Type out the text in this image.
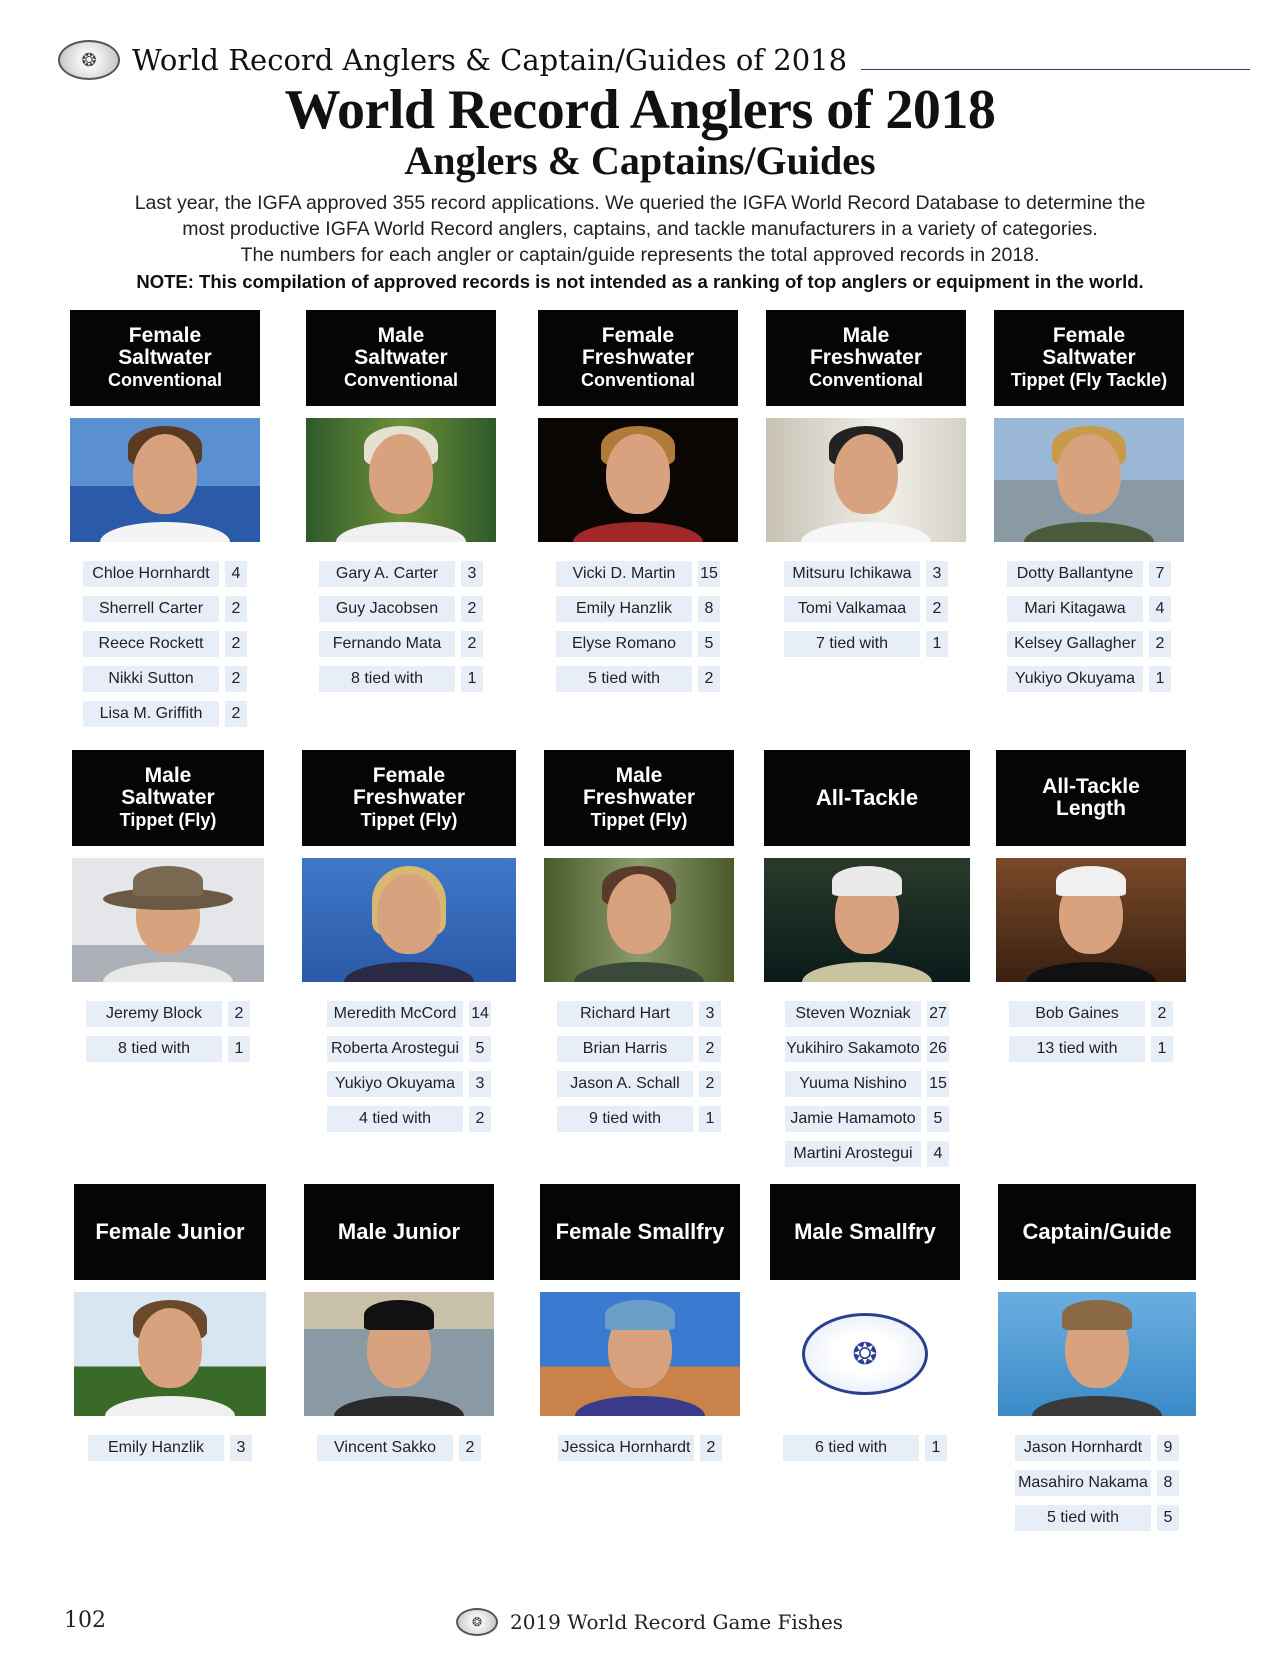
❂	World Record Anglers & Captain/Guides of 2018
World Record Anglers of 2018
Anglers & Captains/Guides

Last year, the IGFA approved 355 record applications. We queried the IGFA World Record Database to determine the

most productive IGFA World Record anglers, captains, and tackle manufacturers in a variety of categories.

The numbers for each angler or captain/guide represents the total approved records in 2018.

NOTE: This compilation of approved records is not intended as a ranking of top anglers or equipment in the world.

Female
Saltwater
Conventional
Chloe Hornhardt	4
Sherrell Carter	2
Reece Rockett	2
Nikki Sutton	2
Lisa M. Griffith	2
Male
Saltwater
Conventional
Gary A. Carter	3
Guy Jacobsen	2
Fernando Mata	2
8 tied with	1
Female
Freshwater
Conventional
Vicki D. Martin	15
Emily Hanzlik	8
Elyse Romano	5
5 tied with	2
Male
Freshwater
Conventional
Mitsuru Ichikawa	3
Tomi Valkamaa	2
7 tied with	1
Female
Saltwater
Tippet (Fly Tackle)
Dotty Ballantyne	7
Mari Kitagawa	4
Kelsey Gallagher	2
Yukiyo Okuyama	1
Male
Saltwater
Tippet (Fly)
Jeremy Block	2
8 tied with	1
Female
Freshwater
Tippet (Fly)
Meredith McCord 14
Roberta Arostegui	5
Yukiyo Okuyama	3
4 tied with	2
Male
Freshwater
Tippet (Fly)
Richard Hart	3
Brian Harris	2
Jason A. Schall	2
9 tied with	1
All-Tackle
Steven Wozniak	27
Yukihiro Sakamoto 26
Yuuma Nishino	15
Jamie Hamamoto	5
Martini Arostegui	4
All-Tackle
Length
Bob Gaines	2
13 tied with	1
Female Junior
Emily Hanzlik	3
Male Junior
Vincent Sakko	2
Female Smallfry
Jessica Hornhardt	2
Male Smallfry
❂
6 tied with	1
Captain/Guide
Jason Hornhardt	9
Masahiro Nakama 8
5 tied with	5
102	❂	2019 World Record Game Fishes
